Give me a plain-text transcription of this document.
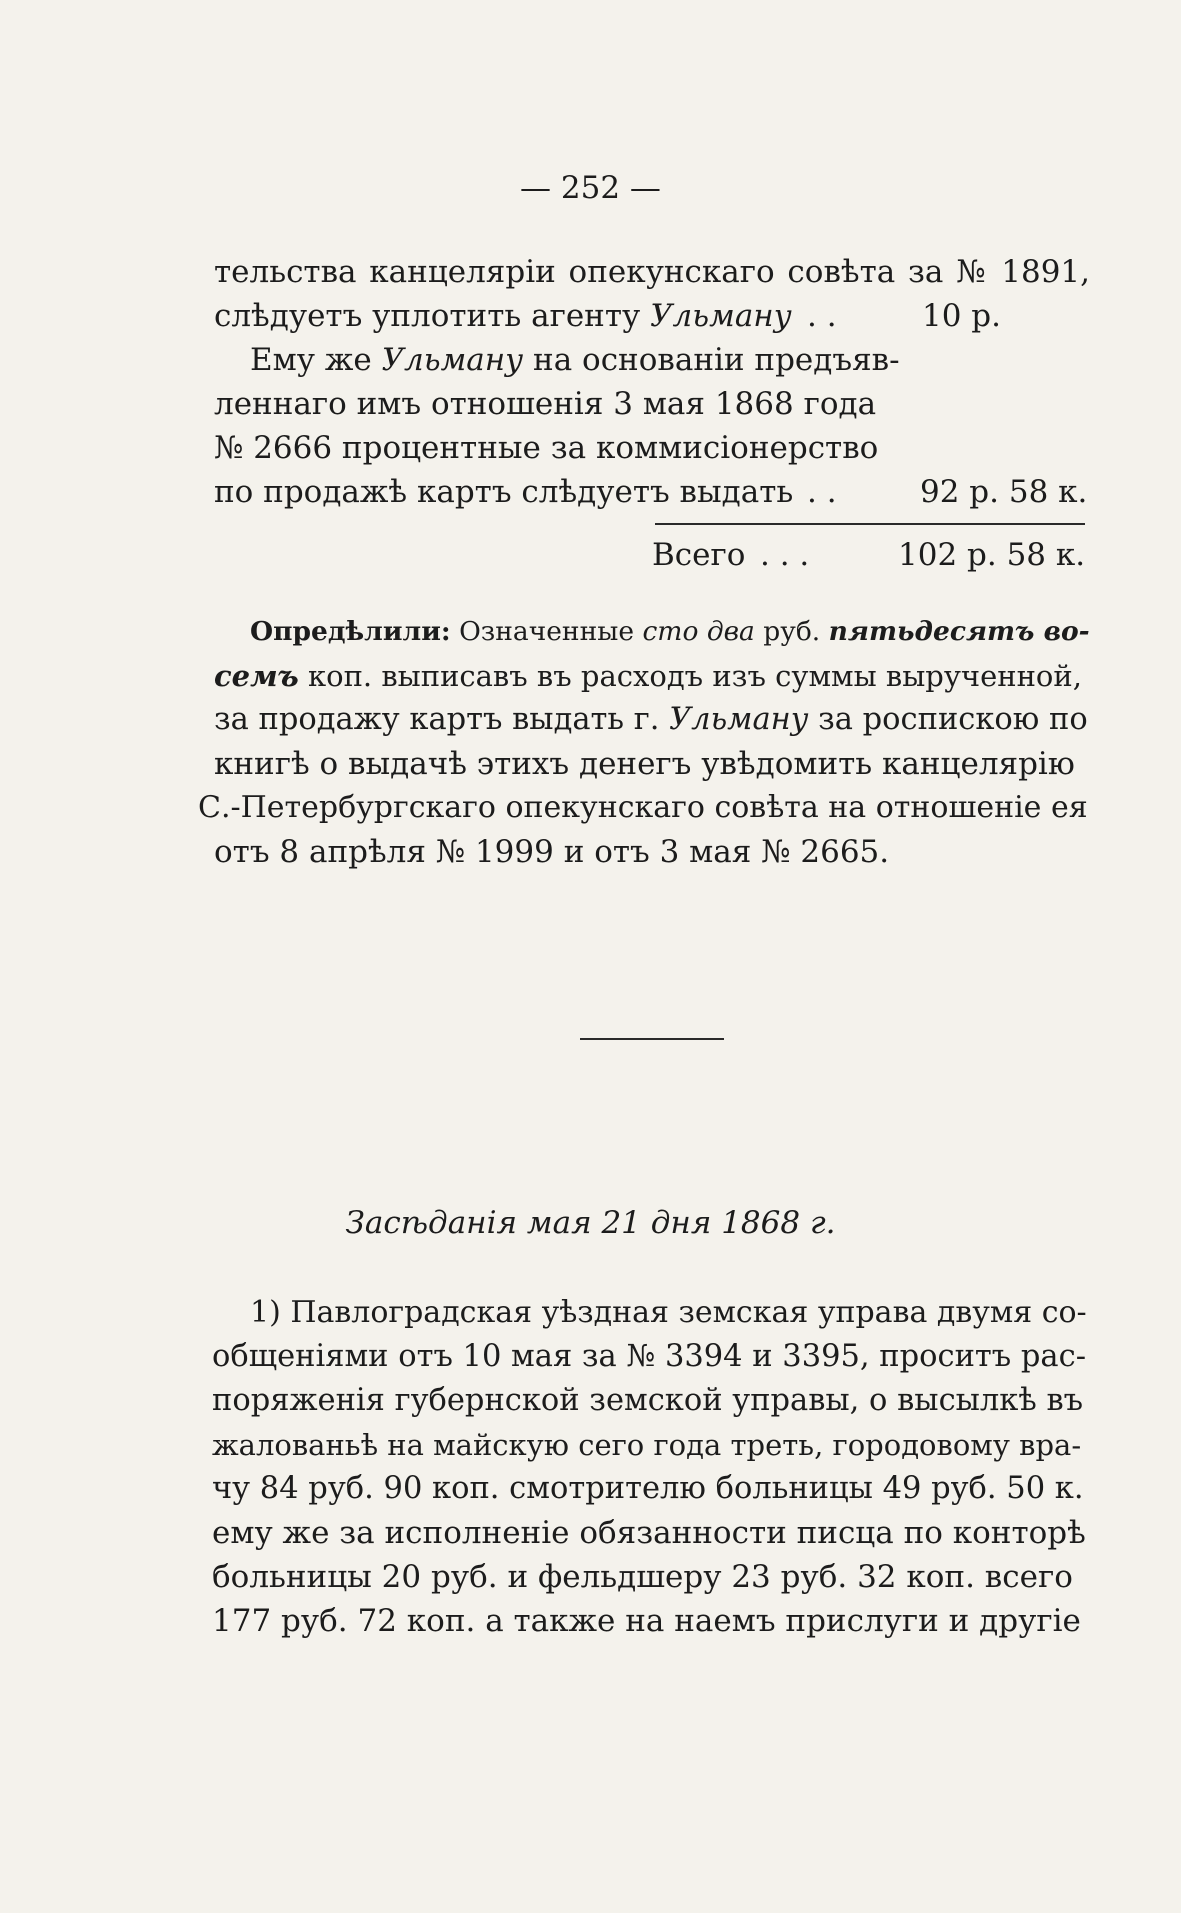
— 252 —
тельства канцеляріи опекунскаго совѣта за № 1891,
слѣдуетъ уплотить агенту Ульману . .	10 р.
Ему же Ульману на основаніи предъяв-
леннаго имъ отношенія 3 мая 1868 года
№ 2666 процентные за коммисіонерство
по продажѣ картъ слѣдуетъ выдать . .	92 р. 58 к.
Всего . . .	102 р. 58 к.
Опредѣлили: Означенные сто два руб. пятьдесятъ во-
семъ коп. выписавъ въ расходъ изъ суммы вырученной,
за продажу картъ выдать г. Ульману за роспискою по
книгѣ о выдачѣ этихъ денегъ увѣдомить канцелярію
С.-Петербургскаго опекунскаго совѣта на отношеніе ея
отъ 8 апрѣля № 1999 и отъ 3 мая № 2665.
Засѣданія мая 21 дня 1868 г.
1) Павлоградская уѣздная земская управа двумя со-
общеніями отъ 10 мая за № 3394 и 3395, проситъ рас-
поряженія губернской земской управы, о высылкѣ въ
жалованьѣ на майскую сего года треть, городовому вра-
чу 84 руб. 90 коп. смотрителю больницы 49 руб. 50 к.
ему же за исполненіе обязанности писца по конторѣ
больницы 20 руб. и фельдшеру 23 руб. 32 коп. всего
177 руб. 72 коп. а также на наемъ прислуги и другіе
